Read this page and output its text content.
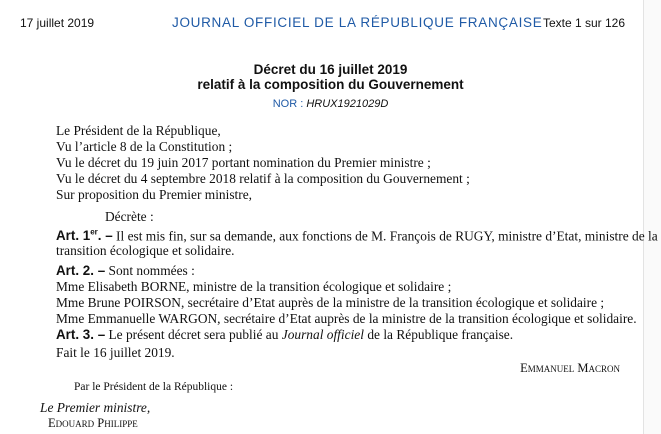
17 juillet 2019	JOURNAL OFFICIEL DE LA RÉPUBLIQUE FRANÇAISE Texte 1 sur 126
Décret du 16 juillet 2019
relatif à la composition du Gouvernement
NOR : HRUX1921029D
Le Président de la République,
Vu l’article 8 de la Constitution ;
Vu le décret du 19 juin 2017 portant nomination du Premier ministre ;
Vu le décret du 4 septembre 2018 relatif à la composition du Gouvernement ;
Sur proposition du Premier ministre,
Décrète :
Art. 1er. – Il est mis fin, sur sa demande, aux fonctions de M. François de RUGY, ministre d’Etat, ministre de la
transition écologique et solidaire.
Art. 2. – Sont nommées :
Mme Elisabeth BORNE, ministre de la transition écologique et solidaire ;
Mme Brune POIRSON, secrétaire d’Etat auprès de la ministre de la transition écologique et solidaire ;
Mme Emmanuelle WARGON, secrétaire d’Etat auprès de la ministre de la transition écologique et solidaire.
Art. 3. – Le présent décret sera publié au Journal officiel de la République française.
Fait le 16 juillet 2019.
Emmanuel Macron
Par le Président de la République :
Le Premier ministre,
Edouard Philippe
